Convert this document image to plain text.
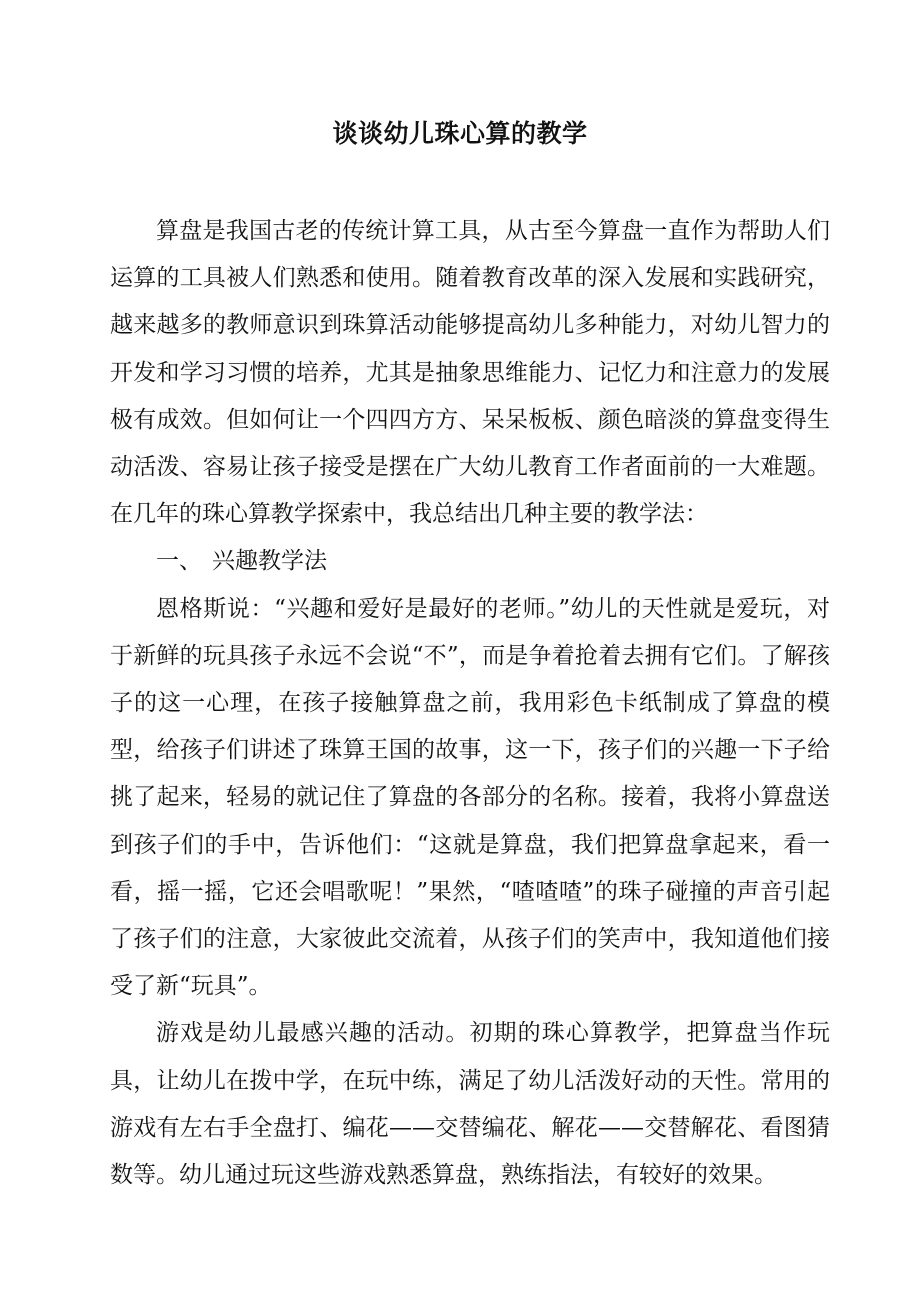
谈谈幼儿珠心算的教学

算盘是我国古老的传统计算工具，从古至今算盘一直作为帮助人们运算的工具被人们熟悉和使用。随着教育改革的深入发展和实践研究，越来越多的教师意识到珠算活动能够提高幼儿多种能力，对幼儿智力的开发和学习习惯的培养，尤其是抽象思维能力、记忆力和注意力的发展极有成效。但如何让一个四四方方、呆呆板板、颜色暗淡的算盘变得生动活泼、容易让孩子接受是摆在广大幼儿教育工作者面前的一大难题。在几年的珠心算教学探索中，我总结出几种主要的教学法：

一、 兴趣教学法

恩格斯说：“兴趣和爱好是最好的老师。”幼儿的天性就是爱玩，对于新鲜的玩具孩子永远不会说“不”，而是争着抢着去拥有它们。了解孩子的这一心理，在孩子接触算盘之前，我用彩色卡纸制成了算盘的模型，给孩子们讲述了珠算王国的故事，这一下，孩子们的兴趣一下子给挑了起来，轻易的就记住了算盘的各部分的名称。接着，我将小算盘送到孩子们的手中，告诉他们：“这就是算盘，我们把算盘拿起来，看一看，摇一摇，它还会唱歌呢！”果然，“喳喳喳”的珠子碰撞的声音引起了孩子们的注意，大家彼此交流着，从孩子们的笑声中，我知道他们接受了新“玩具”。

游戏是幼儿最感兴趣的活动。初期的珠心算教学，把算盘当作玩具，让幼儿在拨中学，在玩中练，满足了幼儿活泼好动的天性。常用的游戏有左右手全盘打、编花——交替编花、解花——交替解花、看图猜数等。幼儿通过玩这些游戏熟悉算盘，熟练指法，有较好的效果。
